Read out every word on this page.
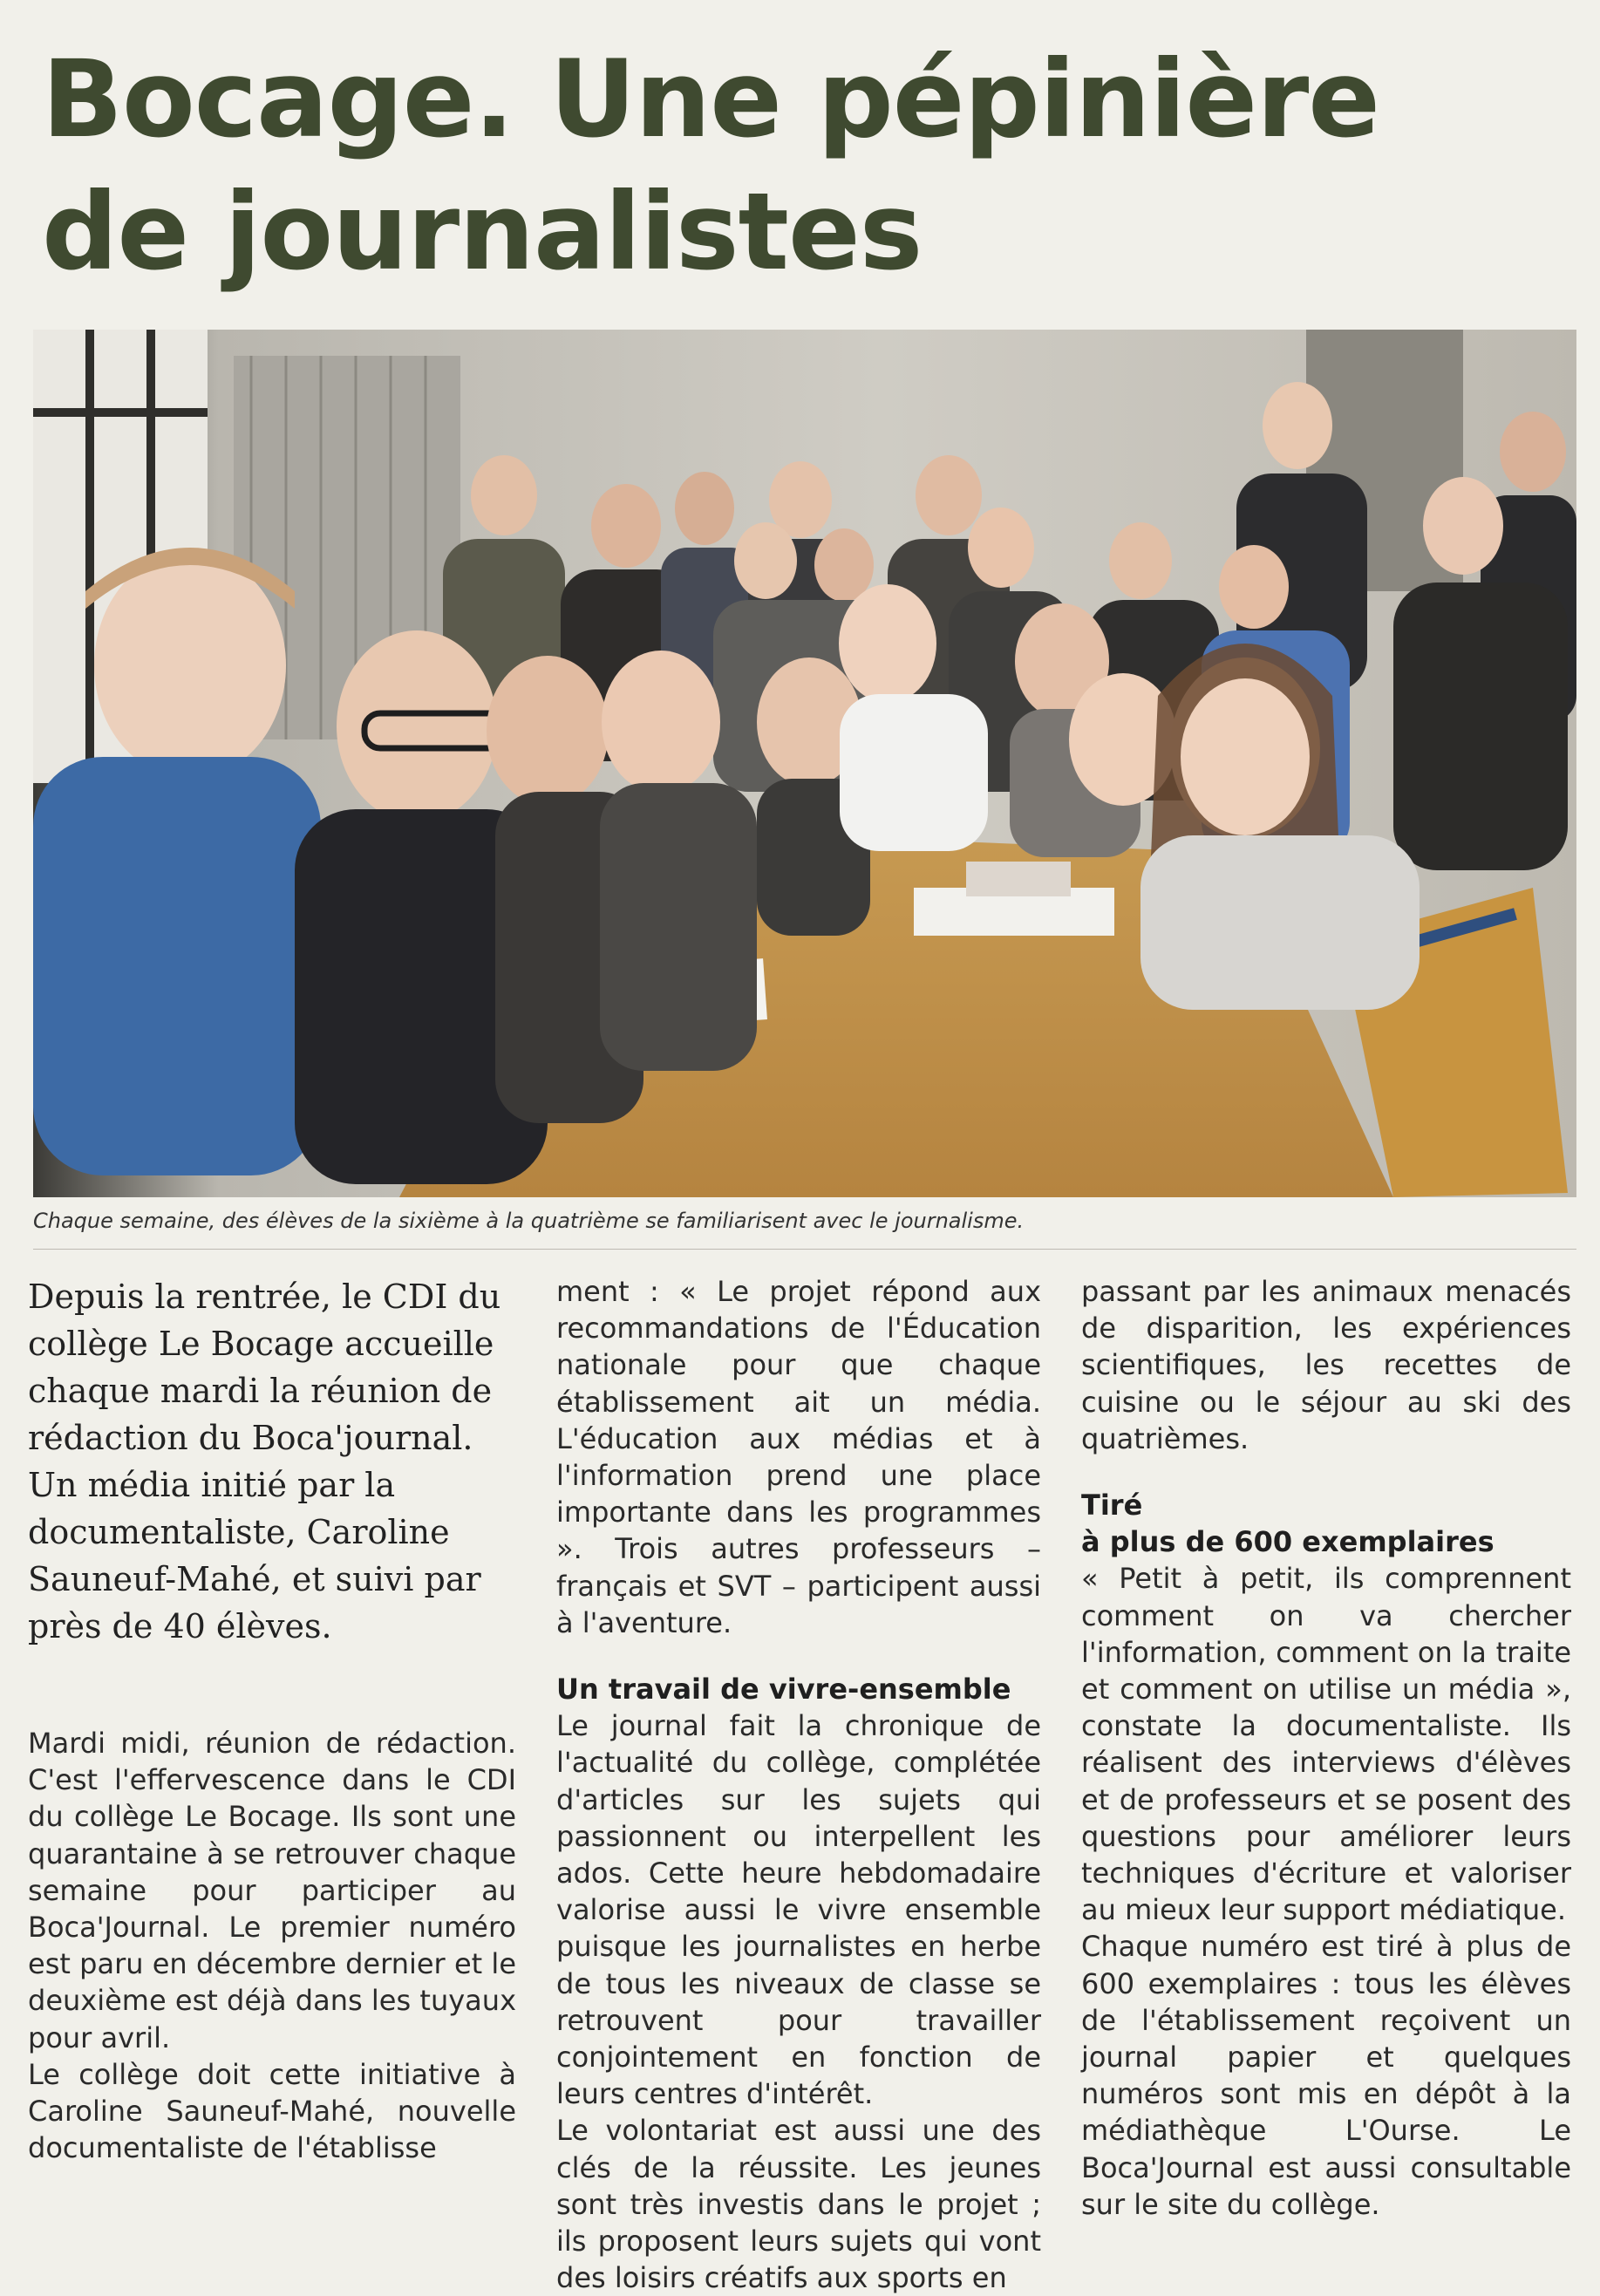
Bocage. Une pépinière
de journalistes

Chaque semaine, des élèves de la sixième à la quatrième se familiarisent avec le journalisme.

Depuis la rentrée, le CDI du collège Le Bocage accueille chaque mardi la réunion de rédaction du Boca'journal. Un média initié par la documentaliste, Caroline Sauneuf-Mahé, et suivi par près de 40 élèves.

Mardi midi, réunion de rédaction. C'est l'effervescence dans le CDI du collège Le Bocage. Ils sont une quarantaine à se retrouver chaque semaine pour participer au Boca'Journal. Le premier numéro est paru en décembre dernier et le deuxième est déjà dans les tuyaux pour avril.

Le collège doit cette initiative à Caroline Sauneuf-Mahé, nouvelle documentaliste de l'établisse

ment : « Le projet répond aux recommandations de l'Éducation nationale pour que chaque établissement ait un média. L'éducation aux médias et à l'information prend une place importante dans les programmes ». Trois autres professeurs – français et SVT – participent aussi à l'aventure.

Un travail de vivre-ensemble

Le journal fait la chronique de l'actualité du collège, complétée d'articles sur les sujets qui passionnent ou interpellent les ados. Cette heure hebdomadaire valorise aussi le vivre ensemble puisque les journalistes en herbe de tous les niveaux de classe se retrouvent pour travailler conjointement en fonction de leurs centres d'intérêt.

Le volontariat est aussi une des clés de la réussite. Les jeunes sont très investis dans le projet ; ils proposent leurs sujets qui vont des loisirs créatifs aux sports en

passant par les animaux menacés de disparition, les expériences scientifiques, les recettes de cuisine ou le séjour au ski des quatrièmes.

Tiré

à plus de 600 exemplaires

« Petit à petit, ils comprennent comment on va chercher l'information, comment on la traite et comment on utilise un média », constate la documentaliste. Ils réalisent des interviews d'élèves et de professeurs et se posent des questions pour améliorer leurs techniques d'écriture et valoriser au mieux leur support médiatique.

Chaque numéro est tiré à plus de 600 exemplaires : tous les élèves de l'établissement reçoivent un journal papier et quelques numéros sont mis en dépôt à la médiathèque L'Ourse. Le Boca'Journal est aussi consultable sur le site du collège.
